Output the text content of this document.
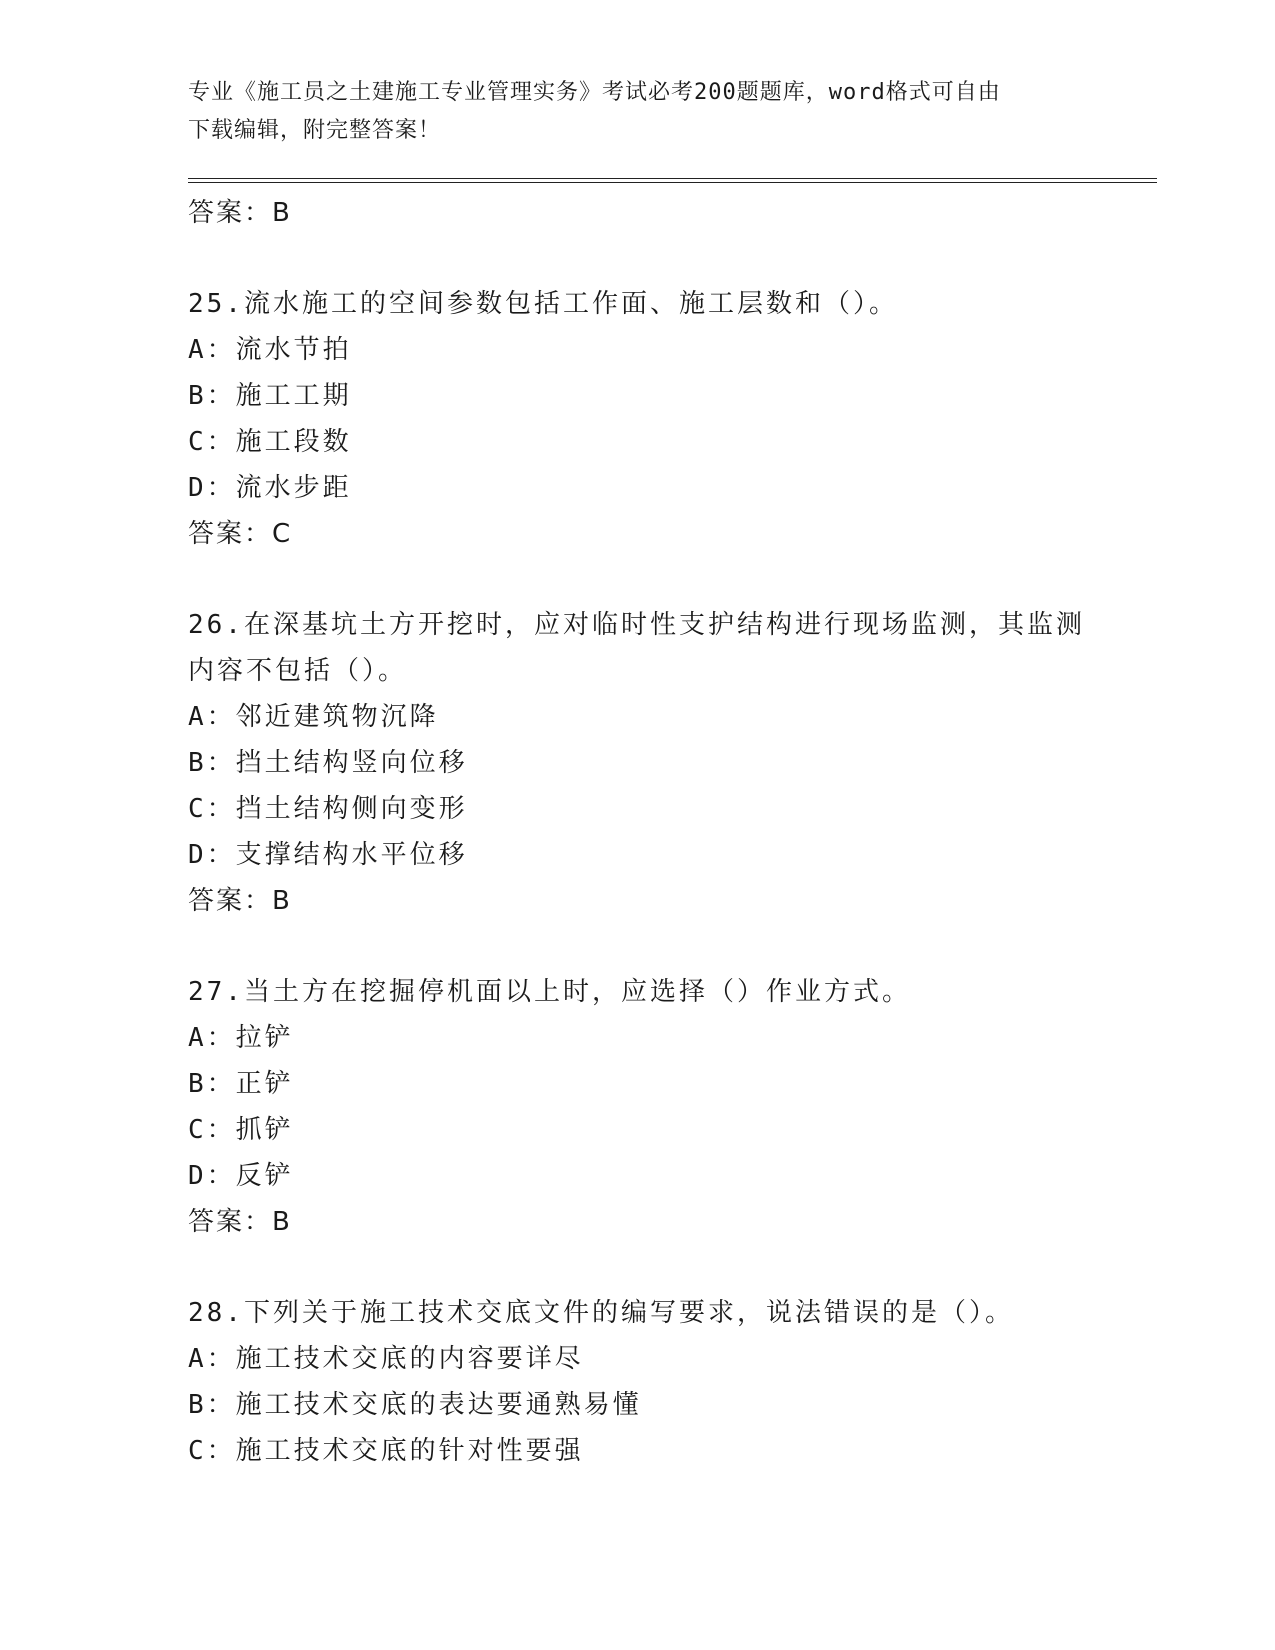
专业《施工员之土建施工专业管理实务》考试必考200题题库，word格式可自由
下载编辑，附完整答案！
答案：B
25.流水施工的空间参数包括工作面、施工层数和（）。
A：流水节拍
B：施工工期
C：施工段数
D：流水步距
答案：C
26.在深基坑土方开挖时，应对临时性支护结构进行现场监测，其监测
内容不包括（）。
A：邻近建筑物沉降
B：挡土结构竖向位移
C：挡土结构侧向变形
D：支撑结构水平位移
答案：B
27.当土方在挖掘停机面以上时，应选择（）作业方式。
A：拉铲
B：正铲
C：抓铲
D：反铲
答案：B
28.下列关于施工技术交底文件的编写要求，说法错误的是（）。
A：施工技术交底的内容要详尽
B：施工技术交底的表达要通熟易懂
C：施工技术交底的针对性要强
